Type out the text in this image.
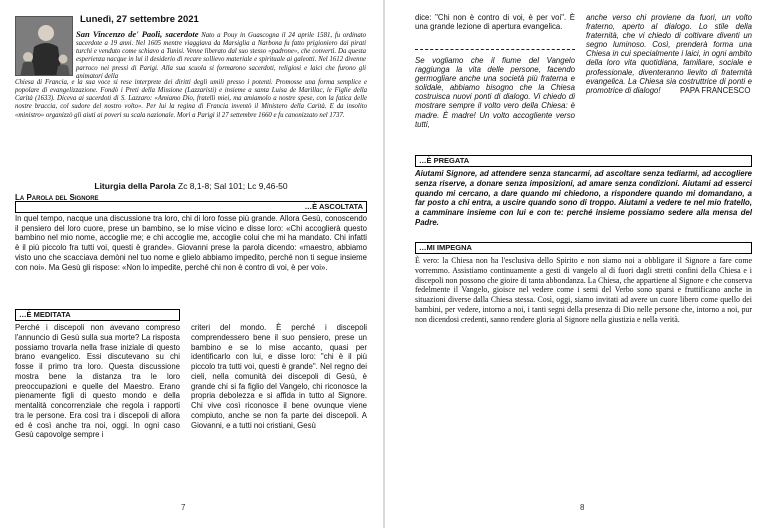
Lunedì, 27 settembre 2021
San Vincenzo de' Paoli, sacerdote Nato a Pouy in Guascogna il 24 aprile 1581, fu ordinato sacerdote a 19 anni. Nel 1605 mentre viaggiava da Marsiglia a Narbona fu fatto prigioniero dai pirati turchi e venduto come schiavo a Tunisi. Venne liberato dal suo stesso «padrone», che convertì. Da questa esperienza nacque in lui il desiderio di recare sollievo materiale e spirituale ai galeotti. Nel 1612 divenne parroco nei pressi di Parigi. Alla sua scuola si formarono sacerdoti, religiosi e laici che furono gli animatori della
Chiesa di Francia, e la sua voce si rese interprete dei diritti degli umili presso i potenti. Promosse una forma semplice e popolare di evangelizzazione. Fondò i Preti della Missione (Lazzaristi) e insieme a santa Luisa de Marillac, le Figlie della Carità (1633). Diceva ai sacerdoti di S. Lazzaro: «Amiamo Dio, fratelli miei, ma amiamolo a nostre spese, con la fatica delle nostre braccia, col sudore del nostro volto». Per lui la regina di Francia inventò il Ministero della Carità. E da insolito «ministro» organizzò gli aiuti ai poveri su scala nazionale. Morì a Parigi il 27 settembre 1660 e fu canonizzato nel 1737.
Liturgia della Parola Zc 8,1-8; Sal 101; Lc 9,46-50
La Parola del Signore
…È ASCOLTATA
In quel tempo, nacque una discussione tra loro, chi di loro fosse più grande. Allora Gesù, conoscendo il pensiero del loro cuore, prese un bambino, se lo mise vicino e disse loro: «Chi accoglierà questo bambino nel mio nome, accoglie me; e chi accoglie me, accoglie colui che mi ha mandato. Chi infatti è il più piccolo fra tutti voi, questi è grande». Giovanni prese la parola dicendo: «maestro, abbiamo visto uno che scacciava demòni nel tuo nome e glielo abbiamo impedito, perché non ti segue insieme con noi». Ma Gesù gli rispose: «Non lo impedite, perché chi non è contro di voi, è per voi».
…È MEDITATA
Perché i discepoli non avevano compreso l'annuncio di Gesù sulla sua morte? La risposta possiamo trovarla nella frase iniziale di questo brano evangelico. Essi discutevano su chi fosse il primo tra loro. Questa discussione mostra bene la distanza tra le loro preoccupazioni e quelle del Maestro. Erano pienamente figli di questo mondo e della mentalità concorrenziale che regola i rapporti tra le persone. Era così tra i discepoli di allora ed è così anche tra noi, oggi. In ogni caso Gesù capovolge sempre i
criteri del mondo. È perché i discepoli comprendessero bene il suo pensiero, prese un bambino e se lo mise accanto, quasi per identificarlo con lui, e disse loro: "chi è il più piccolo tra tutti voi, questi è grande". Nel regno dei cieli, nella comunità dei discepoli di Gesù, è grande chi si fa figlio del Vangelo, chi riconosce la propria debolezza e si affida in tutto al Signore. Chi vive così riconosce il bene ovunque viene compiuto, anche se non fa parte dei discepoli. A Giovanni, e a tutti noi cristiani, Gesù
7
dice: "Chi non è contro di voi, è per voi". È una grande lezione di apertura evangelica.
Se vogliamo che il fiume del Vangelo raggiunga la vita delle persone, facendo germogliare anche una società più fraterna e solidale, abbiamo bisogno che la Chiesa costruisca nuovi ponti di dialogo. Vi chiedo di mostrare sempre il volto vero della Chiesa: è madre. È madre! Un volto accogliente verso tutti,
anche verso chi proviene da fuori, un volto fraterno, aperto al dialogo. Lo stile della fraternità, che vi chiedo di coltivare diventi un segno luminoso. Così, prenderà forma una Chiesa in cui specialmente i laici, in ogni ambito della loro vita quotidiana, familiare, sociale e professionale, diventeranno lievito di fraternità evangelica. La Chiesa sia costruttrice di ponti e promotrice di dialogo!	PAPA FRANCESCO
…È PREGATA
Aiutami Signore, ad attendere senza stancarmi, ad ascoltare senza tediarmi, ad accogliere senza riserve, a donare senza imposizioni, ad amare senza condizioni. Aiutami ad esserci quando mi cercano, a dare quando mi chiedono, a rispondere quando mi domandano, a far posto a chi entra, a uscire quando sono di troppo. Aiutami a vedere te nel mio fratello, a camminare insieme con lui e con te: perché insieme possiamo sedere alla mensa del Padre.
…MI IMPEGNA
È vero: la Chiesa non ha l'esclusiva dello Spirito e non siamo noi a obbligare il Signore a fare come vorremmo. Assistiamo continuamente a gesti di vangelo al di fuori dagli stretti confini della Chiesa e i discepoli non possono che gioire di tanta abbondanza. La Chiesa, che appartiene al Signore e che conserva fedelmente il Vangelo, gioisce nel vedere come i semi del Verbo sono sparsi e fruttificano anche in situazioni diverse dalla Chiesa stessa. Così, oggi, siamo invitati ad avere un cuore libero come quello dei bambini, per vedere, intorno a noi, i tanti segni della presenza di Dio nelle persone che, intorno a noi, pur non dicendosi credenti, sanno rendere gloria al Signore nella giustizia e nella verità.
8
